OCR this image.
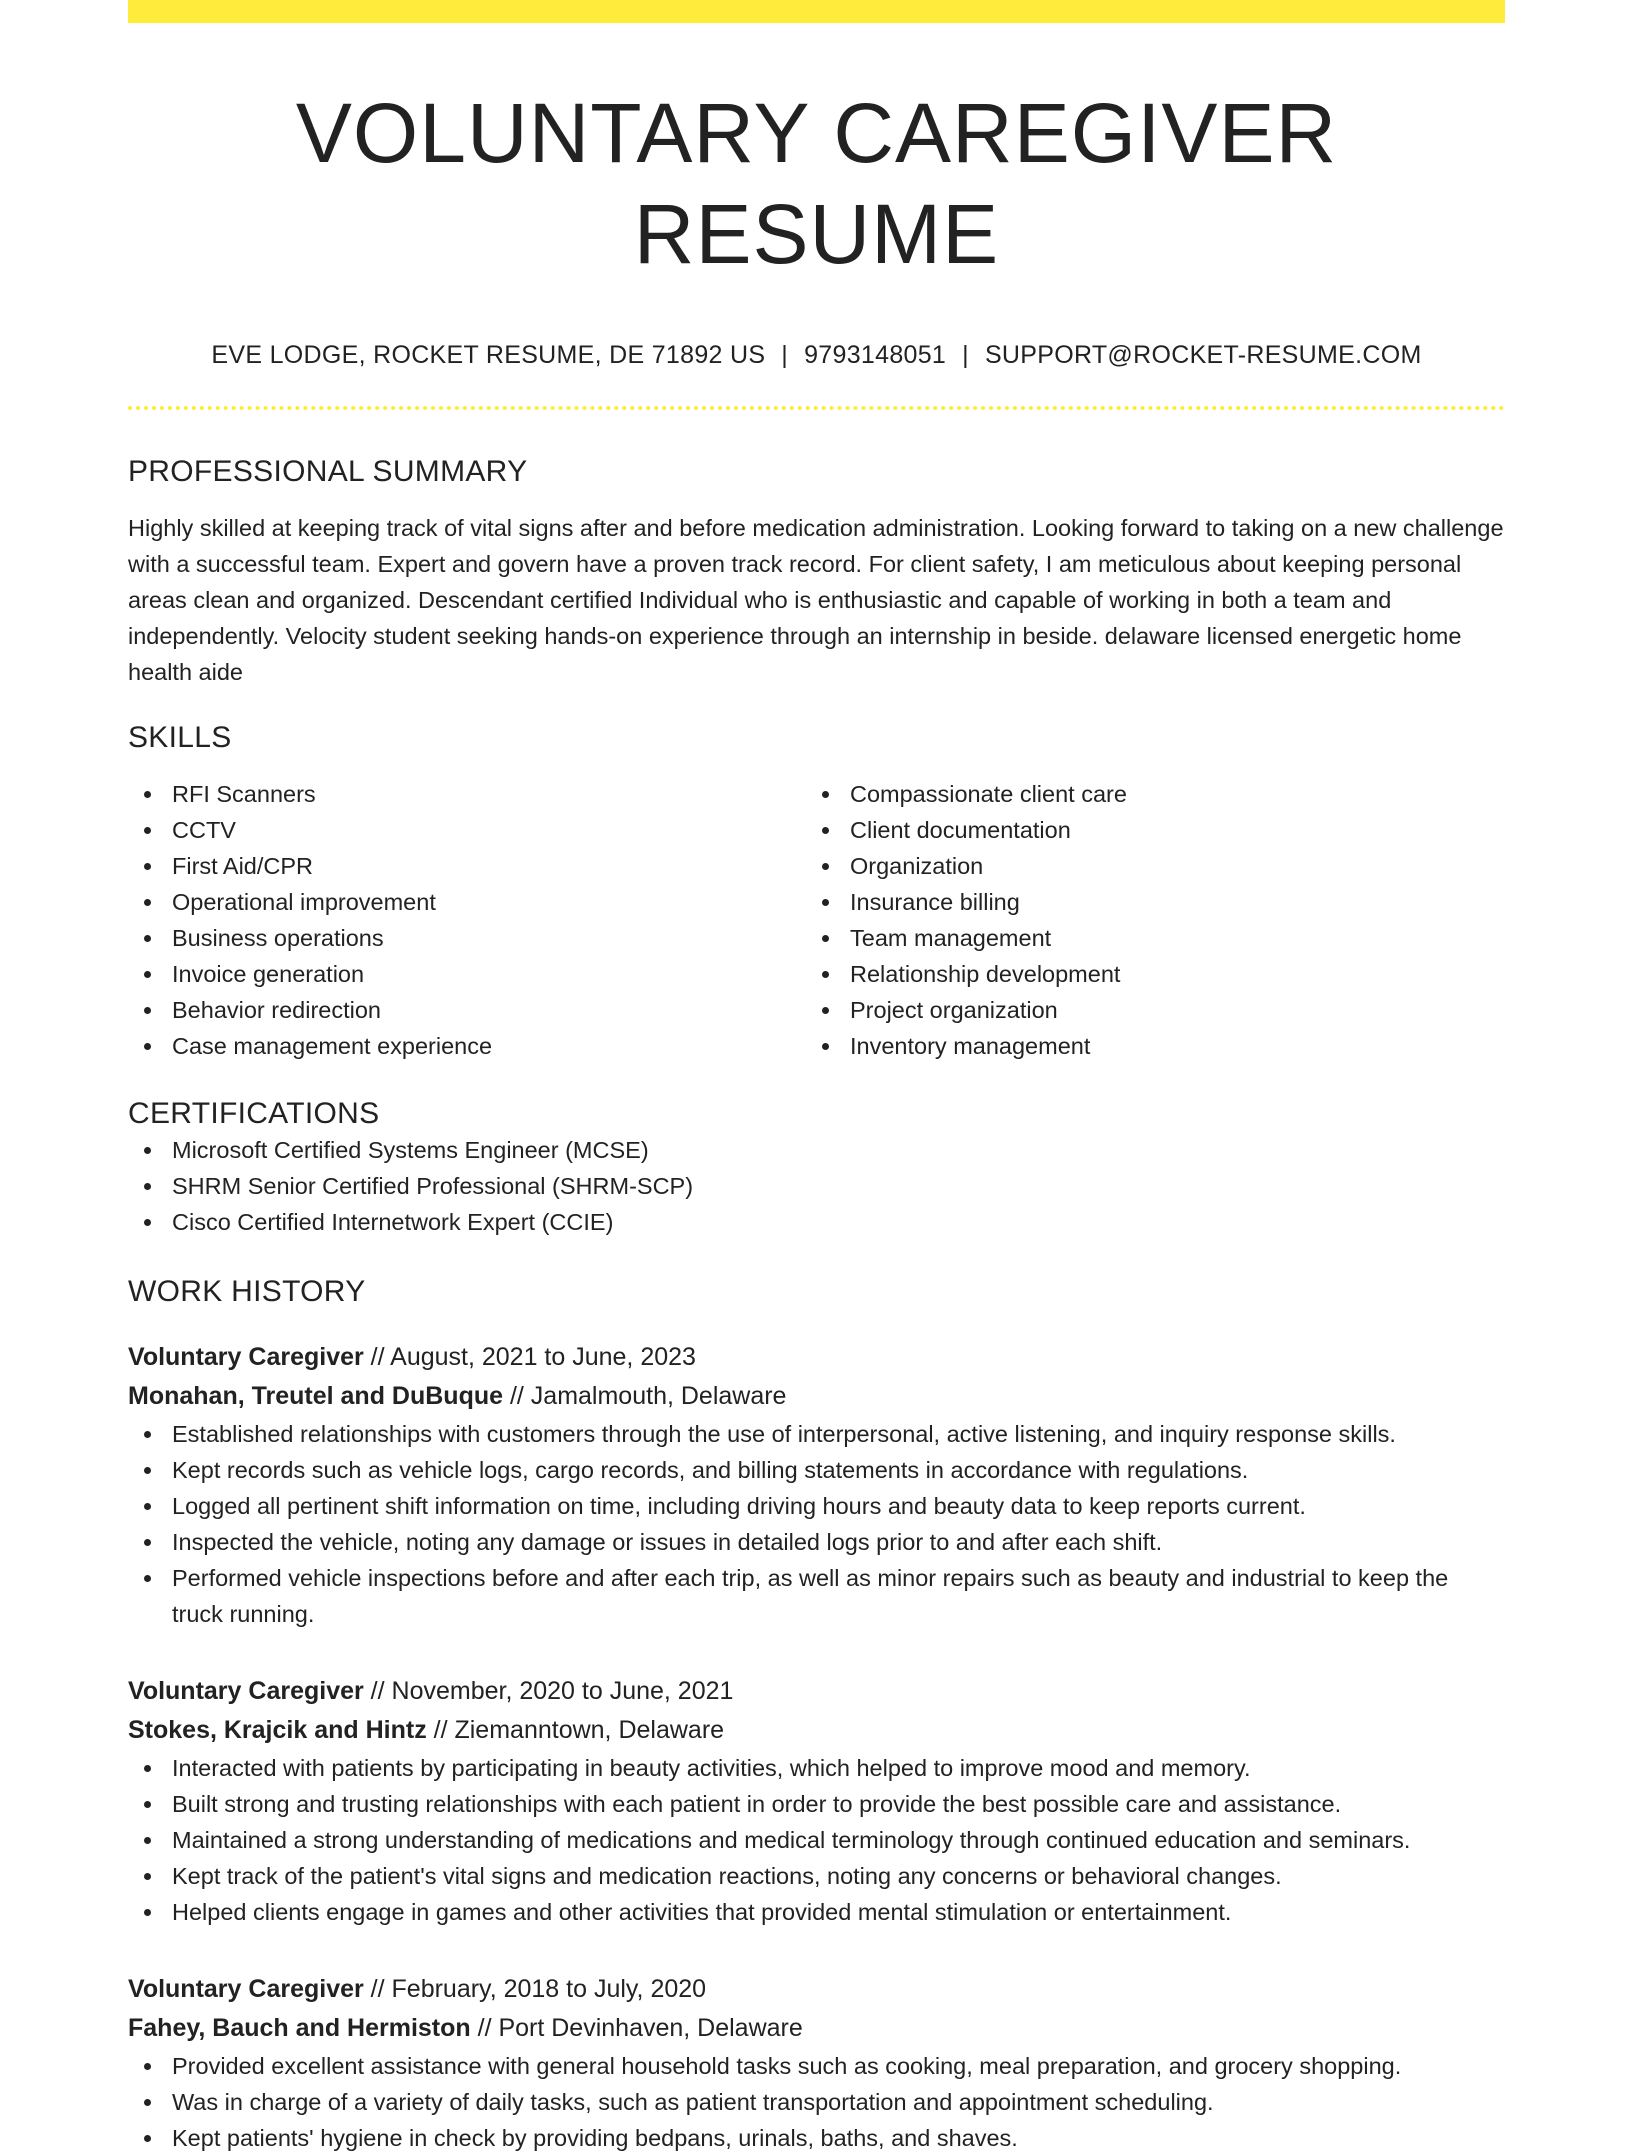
VOLUNTARY CAREGIVER RESUME
EVE LODGE, ROCKET RESUME, DE 71892 US | 9793148051 | SUPPORT@ROCKET-RESUME.COM
PROFESSIONAL SUMMARY

Highly skilled at keeping track of vital signs after and before medication administration. Looking forward to taking on a new challenge with a successful team. Expert and govern have a proven track record. For client safety, I am meticulous about keeping personal areas clean and organized. Descendant certified Individual who is enthusiastic and capable of working in both a team and independently. Velocity student seeking hands-on experience through an internship in beside. delaware licensed energetic home health aide

SKILLS
RFI Scanners
CCTV
First Aid/CPR
Operational improvement
Business operations
Invoice generation
Behavior redirection
Case management experience
Compassionate client care
Client documentation
Organization
Insurance billing
Team management
Relationship development
Project organization
Inventory management
CERTIFICATIONS
Microsoft Certified Systems Engineer (MCSE)
SHRM Senior Certified Professional (SHRM-SCP)
Cisco Certified Internetwork Expert (CCIE)
WORK HISTORY
Voluntary Caregiver // August, 2021 to June, 2023
Monahan, Treutel and DuBuque // Jamalmouth, Delaware
Established relationships with customers through the use of interpersonal, active listening, and inquiry response skills.
Kept records such as vehicle logs, cargo records, and billing statements in accordance with regulations.
Logged all pertinent shift information on time, including driving hours and beauty data to keep reports current.
Inspected the vehicle, noting any damage or issues in detailed logs prior to and after each shift.
Performed vehicle inspections before and after each trip, as well as minor repairs such as beauty and industrial to keep the truck running.
Voluntary Caregiver // November, 2020 to June, 2021
Stokes, Krajcik and Hintz // Ziemanntown, Delaware
Interacted with patients by participating in beauty activities, which helped to improve mood and memory.
Built strong and trusting relationships with each patient in order to provide the best possible care and assistance.
Maintained a strong understanding of medications and medical terminology through continued education and seminars.
Kept track of the patient's vital signs and medication reactions, noting any concerns or behavioral changes.
Helped clients engage in games and other activities that provided mental stimulation or entertainment.
Voluntary Caregiver // February, 2018 to July, 2020
Fahey, Bauch and Hermiston // Port Devinhaven, Delaware
Provided excellent assistance with general household tasks such as cooking, meal preparation, and grocery shopping.
Was in charge of a variety of daily tasks, such as patient transportation and appointment scheduling.
Kept patients' hygiene in check by providing bedpans, urinals, baths, and shaves.
